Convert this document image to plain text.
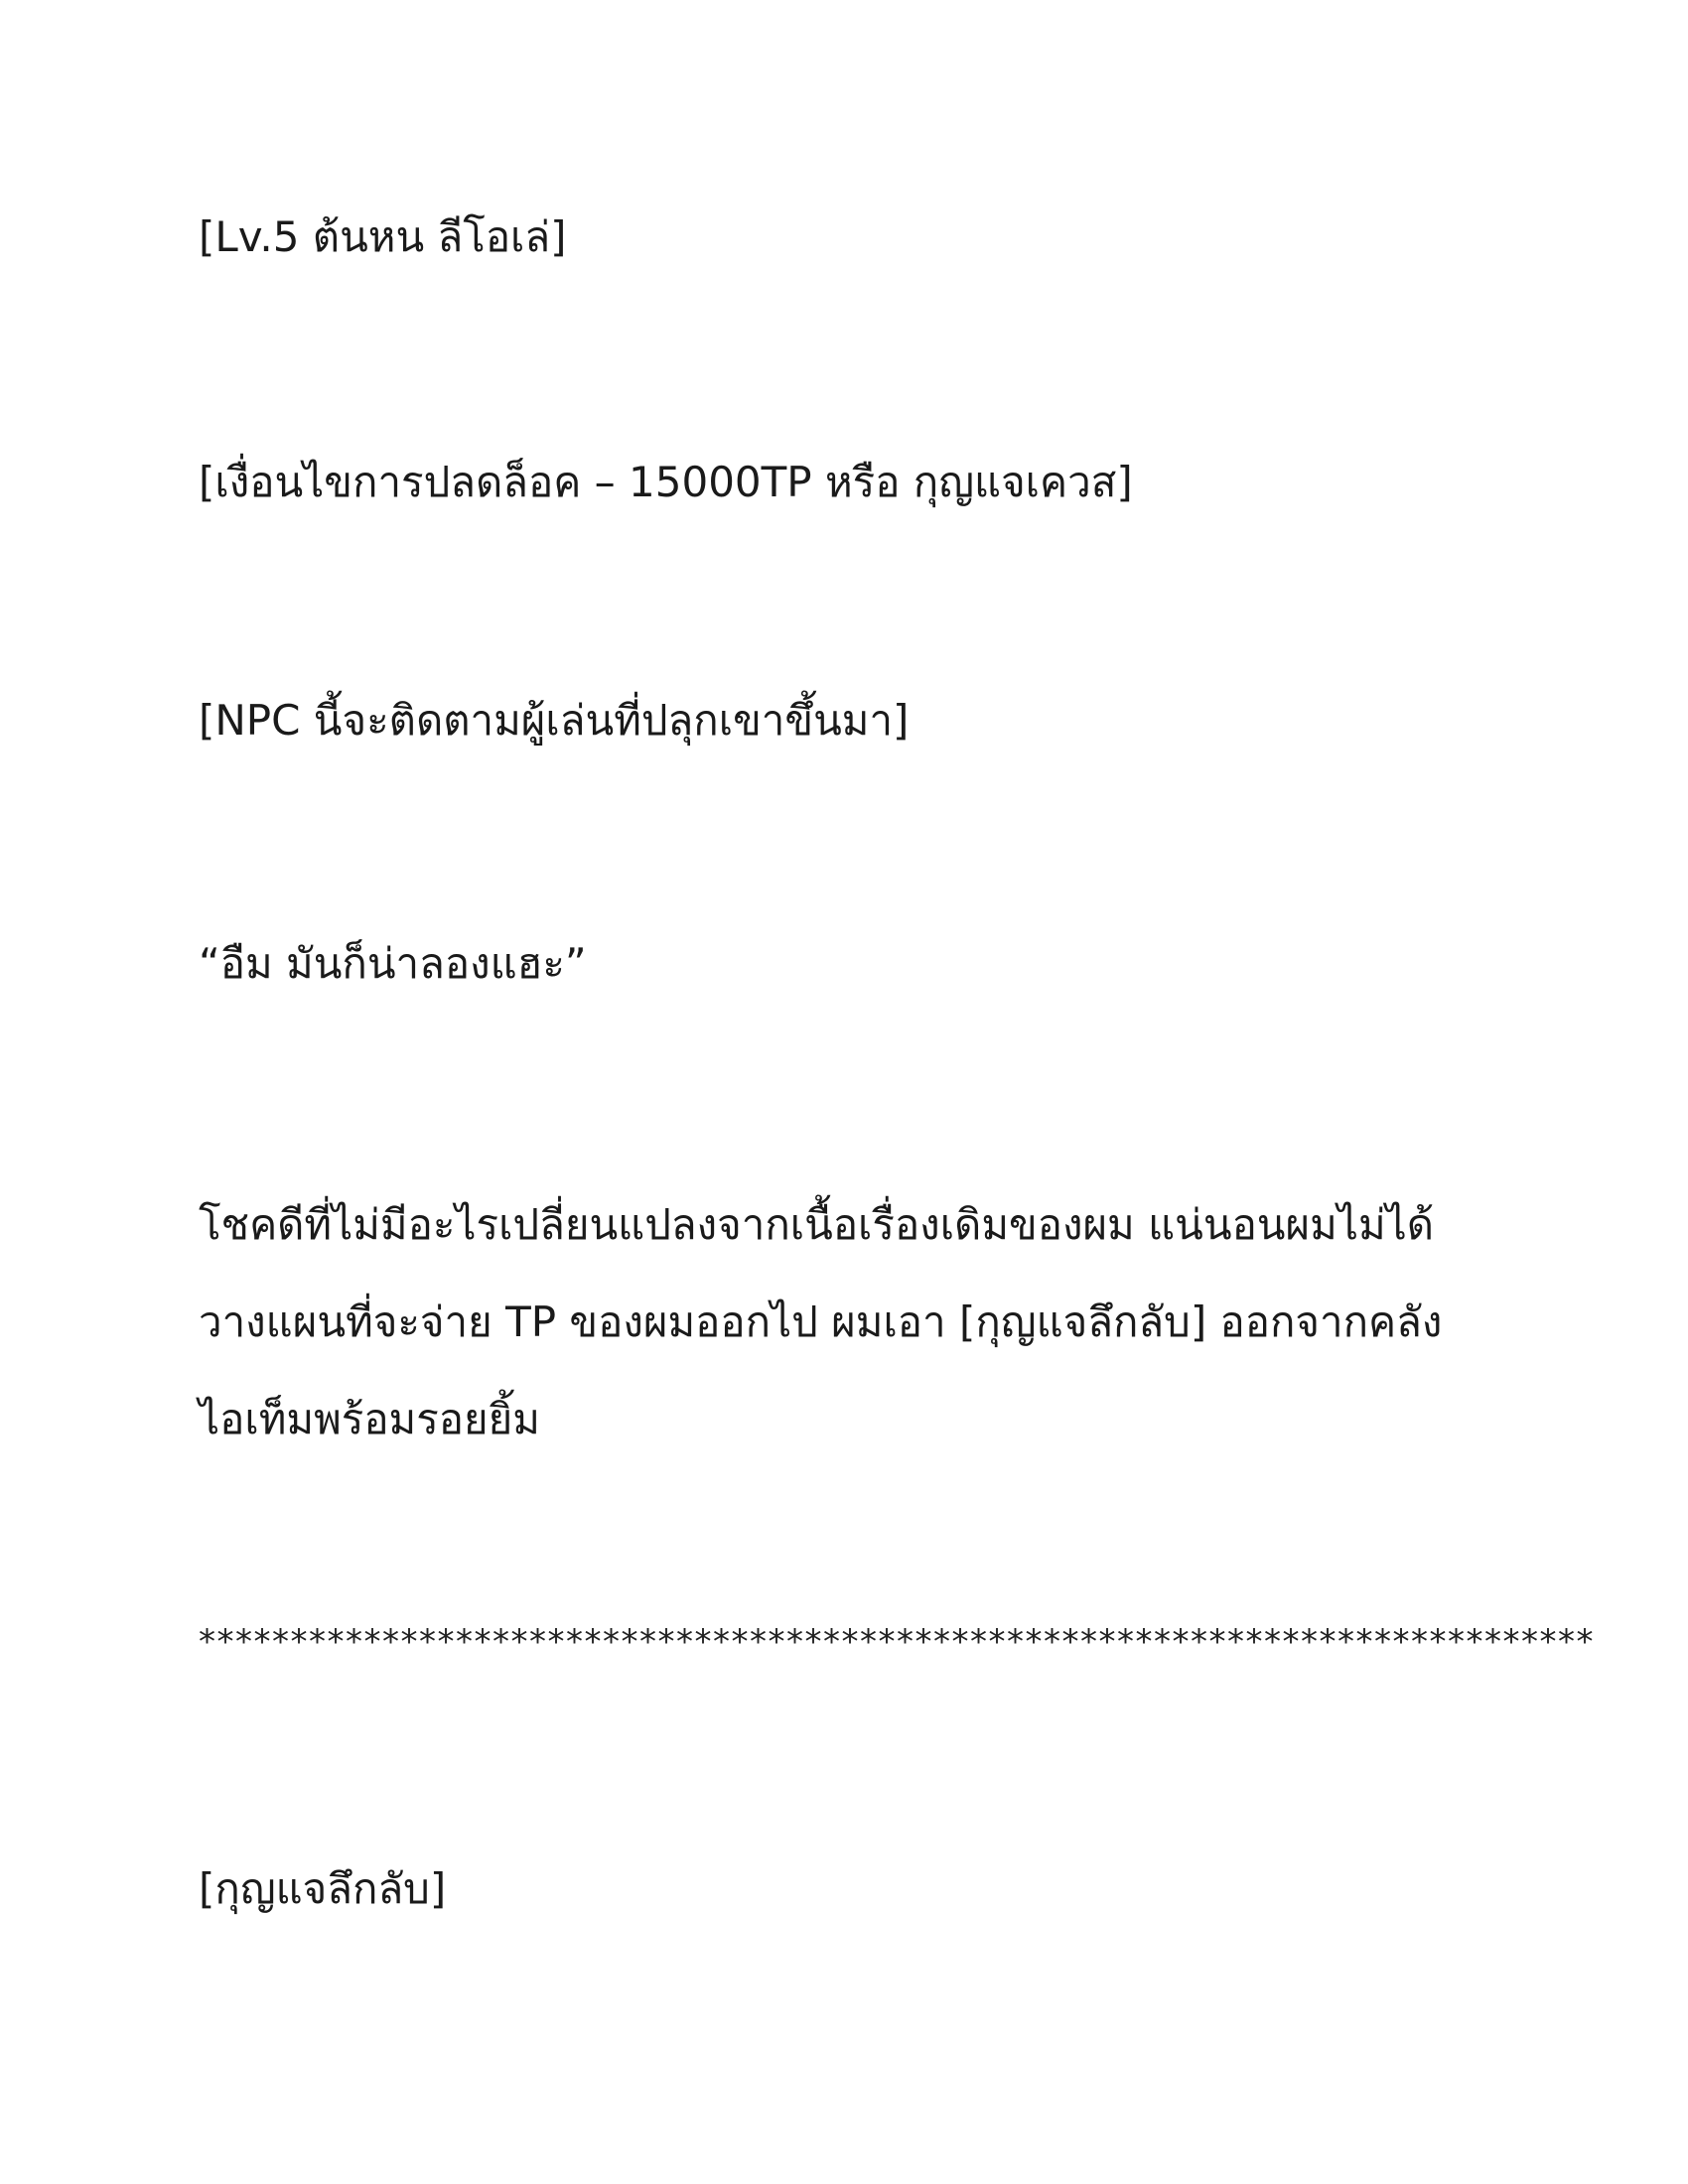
[Lv.5 ต้นหน ลีโอเล่]

[เงื่อนไขการปลดล็อค – 15000TP หรือ กุญแจเควส]

[NPC นี้จะติดตามผู้เล่นที่ปลุกเขาขึ้นมา]

“อืม มันก็น่าลองแฮะ”

โชคดีที่ไม่มีอะไรเปลี่ยนแปลงจากเนื้อเรื่องเดิมของผม แน่นอนผมไม่ได้
วางแผนที่จะจ่าย TP ของผมออกไป ผมเอา [กุญแจลึกลับ] ออกจากคลัง
ไอเท็มพร้อมรอยยิ้ม

****************************************************************************

[กุญแจลึกลับ]
